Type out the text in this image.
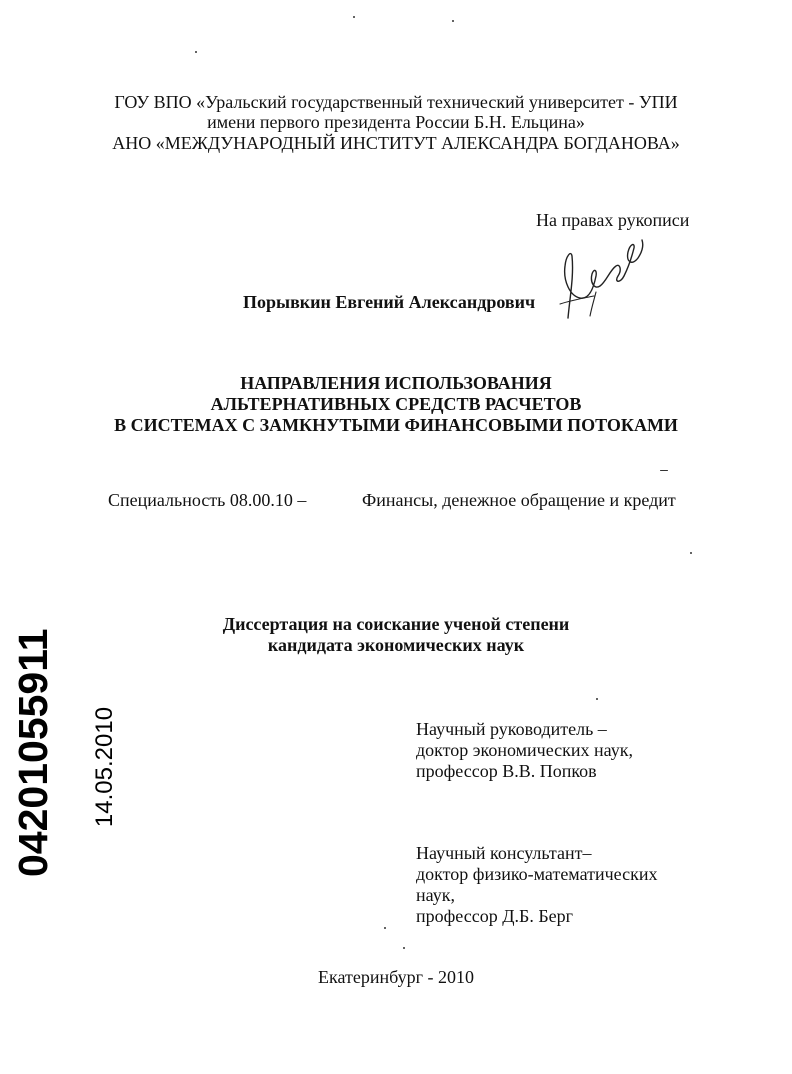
ГОУ ВПО «Уральский государственный технический университет - УПИ
имени первого президента России Б.Н. Ельцина»
АНО «МЕЖДУНАРОДНЫЙ ИНСТИТУТ АЛЕКСАНДРА БОГДАНОВА»
На правах рукописи
Порывкин Евгений Александрович
НАПРАВЛЕНИЯ ИСПОЛЬЗОВАНИЯ
АЛЬТЕРНАТИВНЫХ СРЕДСТВ РАСЧЕТОВ
В СИСТЕМАХ С ЗАМКНУТЫМИ ФИНАНСОВЫМИ ПОТОКАМИ
Специальность 08.00.10 –	Финансы, денежное обращение и кредит
Диссертация на соискание ученой степени
кандидата экономических наук
Научный руководитель –
доктор экономических наук,
профессор В.В. Попков
Научный консультант–
доктор физико-математических
наук,
профессор Д.Б. Берг
Екатеринбург - 2010
04201055911 14.05.2010
